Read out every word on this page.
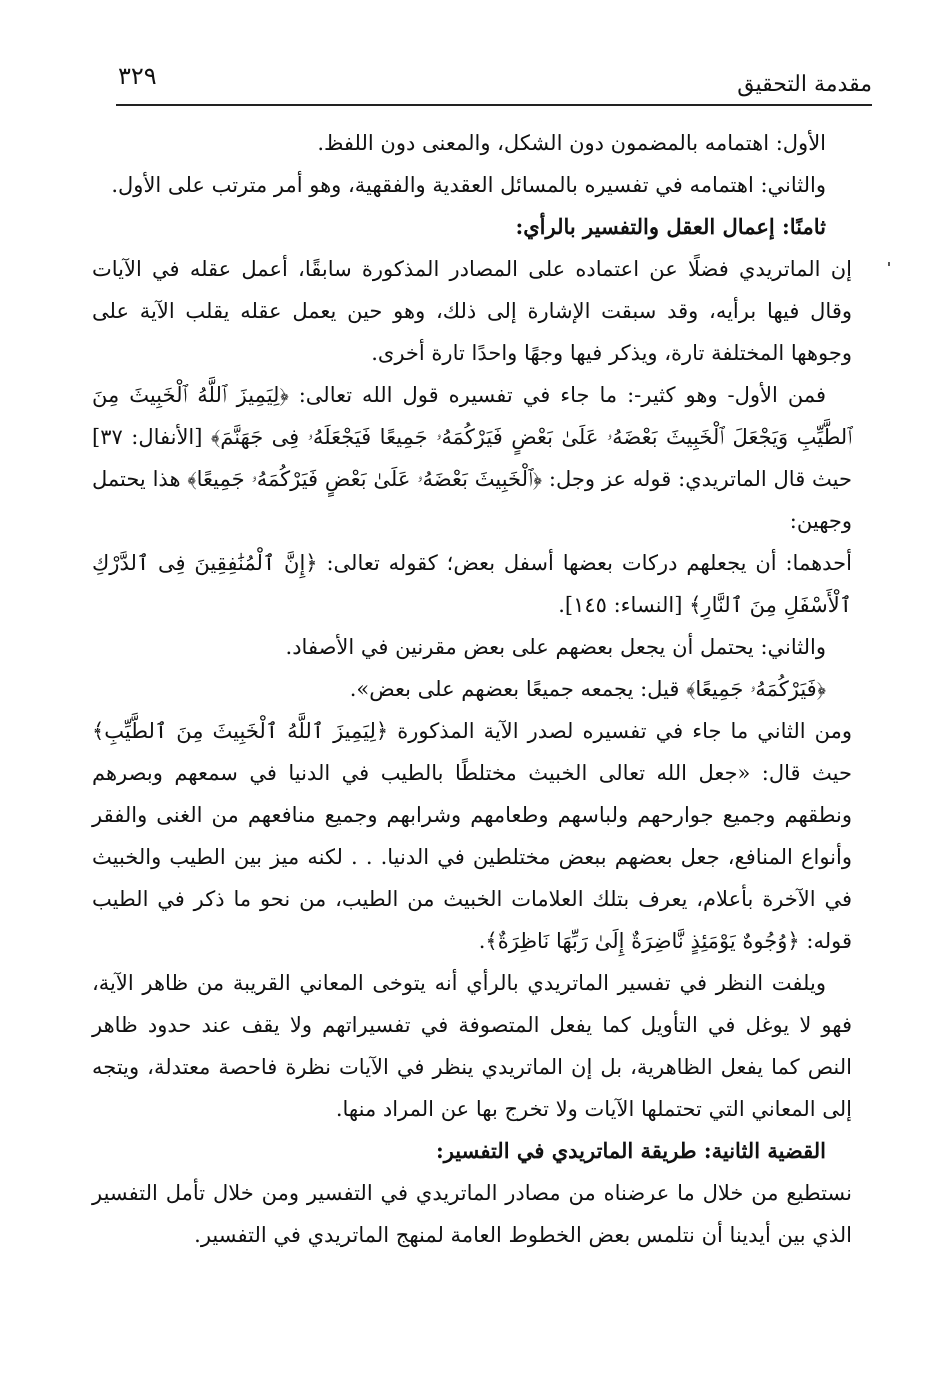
مقدمة التحقيق
٣٢٩

الأول: اهتمامه بالمضمون دون الشكل، والمعنى دون اللفظ.

والثاني: اهتمامه في تفسيره بالمسائل العقدية والفقهية، وهو أمر مترتب على الأول.

ثامنًا: إعمال العقل والتفسير بالرأي:

إن الماتريدي فضلًا عن اعتماده على المصادر المذكورة سابقًا، أعمل عقله في الآيات وقال فيها برأيه، وقد سبقت الإشارة إلى ذلك، وهو حين يعمل عقله يقلب الآية على وجوهها المختلفة تارة، ويذكر فيها وجهًا واحدًا تارة أخرى.

فمن الأول- وهو كثير-: ما جاء في تفسيره قول الله تعالى: ﴿لِيَمِيزَ ٱللَّهُ ٱلْخَبِيثَ مِنَ ٱلطَّيِّبِ وَيَجْعَلَ ٱلْخَبِيثَ بَعْضَهُۥ عَلَىٰ بَعْضٍ فَيَرْكُمَهُۥ جَمِيعًا فَيَجْعَلَهُۥ فِى جَهَنَّمَ﴾ [الأنفال: ٣٧] حيث قال الماتريدي: قوله عز وجل: ﴿ٱلْخَبِيثَ بَعْضَهُۥ عَلَىٰ بَعْضٍ فَيَرْكُمَهُۥ جَمِيعًا﴾ هذا يحتمل وجهين:

أحدهما: أن يجعلهم دركات بعضها أسفل بعض؛ كقوله تعالى: ﴿إِنَّ ٱلْمُنَٰفِقِينَ فِى ٱلدَّرْكِ ٱلْأَسْفَلِ مِنَ ٱلنَّارِ﴾ [النساء: ١٤٥].

والثاني: يحتمل أن يجعل بعضهم على بعض مقرنين في الأصفاد.

﴿فَيَرْكُمَهُۥ جَمِيعًا﴾ قيل: يجمعه جميعًا بعضهم على بعض».

ومن الثاني ما جاء في تفسيره لصدر الآية المذكورة ﴿لِيَمِيزَ ٱللَّهُ ٱلْخَبِيثَ مِنَ ٱلطَّيِّبِ﴾ حيث قال: «جعل الله تعالى الخبيث مختلطًا بالطيب في الدنيا في سمعهم وبصرهم ونطقهم وجميع جوارحهم ولباسهم وطعامهم وشرابهم وجميع منافعهم من الغنى والفقر وأنواع المنافع، جعل بعضهم ببعض مختلطين في الدنيا. . . لكنه ميز بين الطيب والخبيث في الآخرة بأعلام، يعرف بتلك العلامات الخبيث من الطيب، من نحو ما ذكر في الطيب قوله: ﴿وُجُوهٌ يَوْمَئِذٍ نَّاضِرَةٌ إِلَىٰ رَبِّهَا نَاظِرَةٌ﴾.

ويلفت النظر في تفسير الماتريدي بالرأي أنه يتوخى المعاني القريبة من ظاهر الآية، فهو لا يوغل في التأويل كما يفعل المتصوفة في تفسيراتهم ولا يقف عند حدود ظاهر النص كما يفعل الظاهرية، بل إن الماتريدي ينظر في الآيات نظرة فاحصة معتدلة، ويتجه إلى المعاني التي تحتملها الآيات ولا تخرج بها عن المراد منها.

القضية الثانية: طريقة الماتريدي في التفسير:

نستطيع من خلال ما عرضناه من مصادر الماتريدي في التفسير ومن خلال تأمل التفسير الذي بين أيدينا أن نتلمس بعض الخطوط العامة لمنهج الماتريدي في التفسير.
